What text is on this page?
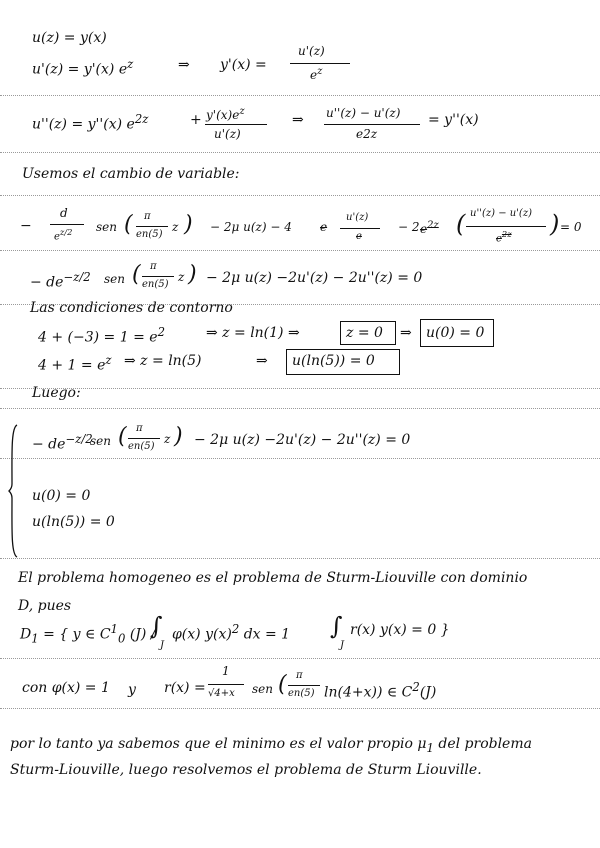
u(z) = y(x)
u'(z) = y'(x) $e^z$	⇒ y'(x) =
u'(z)
$e^z$
u''(z) = y''(x) $e^{2z}$	+ $y'(x)e^z$
u'(z)
⇒ u''(z) − u'(z)
e2z
= y''(x)
Usemos el cambio de variable:
−
d
$e^{z/2}$ sen ( π
en(5)
z ) − 2μ u(z) − 4 e
u'(z)
e
− 2 $e^{2z}$ ( u''(z) − u'(z)
$e^{2z}$ ) = 0
− $de^{-z/2}$ sen ( π
en(5)
z ) − 2μ u(z) −2u'(z) − 2u''(z) = 0
Las condiciones de contorno
$4 + (-3) = 1 = e^2$	⇒ z = ln(1) ⇒	z = 0 ⇒ u(0) = 0
$4 + 1 = e^z$ ⇒ z = ln(5)	⇒ u(ln(5)) = 0
Luego:
− $de^{-z/2}$
sen ( π
en(5)
z ) − 2μ u(z) −2u'(z) − 2u''(z) = 0
u(0) = 0
u(ln(5)) = 0
El problema homogeneo es el problema de Sturm-Liouville con dominio
D, pues
$D_1$ = { y ∈ $C^1_0$ (J) /
∫
J
φ(x) $y(x)^2$ dx = 1 ∫
J
r(x) y(x) = 0 }
con φ(x) = 1 y r(x) =
1
√4+x sen ( π
en(5) ln(4+x)) ∈ $C^2(J)$
por lo tanto ya sabemos que el minimo es el valor propio $\mu_1$ del problema
Sturm-Liouville, luego resolvemos el problema de Sturm Liouville.
